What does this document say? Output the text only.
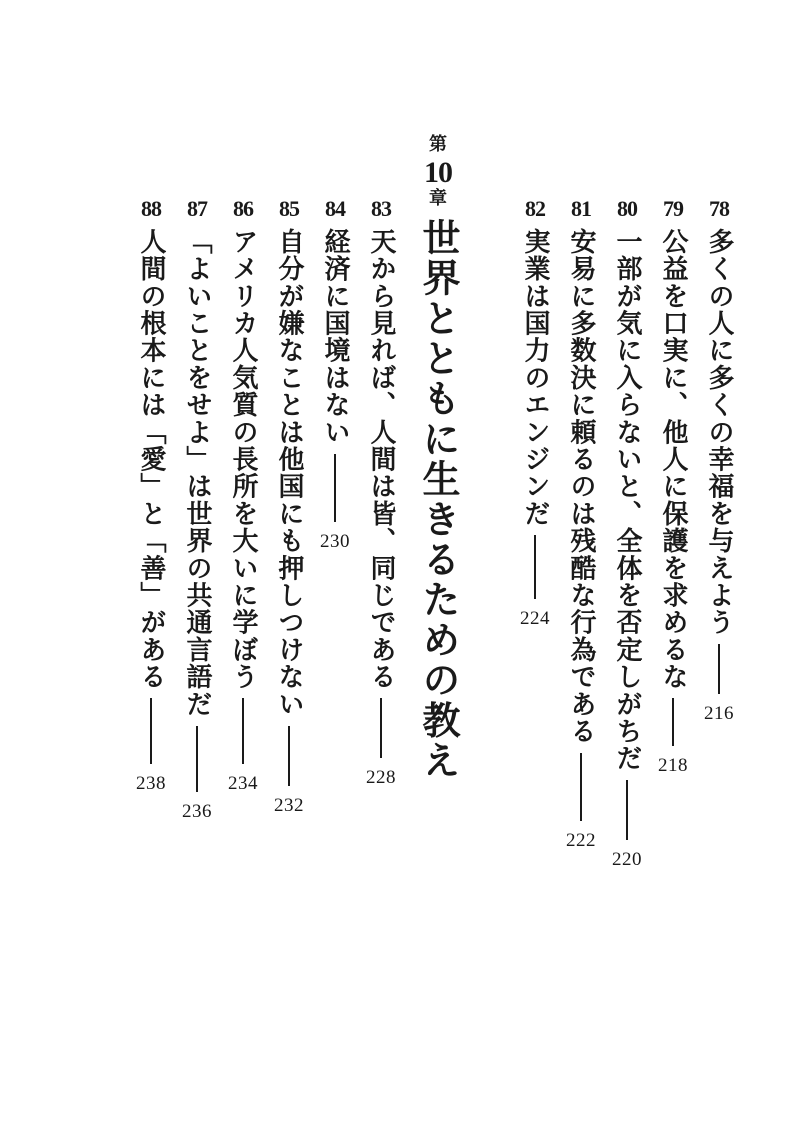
78
多くの人に多くの幸福を与えよう
216
79
公益を口実に、他人に保護を求めるな
218
80
一部が気に入らないと、全体を否定しがちだ
220
81
安易に多数決に頼るのは残酷な行為である
222
82
実業は国力のエンジンだ
224
第
10
章
世界とともに生きるための教え
83
天から見れば、人間は皆、同じである
228
84
経済に国境はない
230
85
自分が嫌なことは他国にも押しつけない
232
86
アメリカ人気質の長所を大いに学ぼう
234
87
「よいことをせよ」は世界の共通言語だ
236
88
人間の根本には「愛」と「善」がある
238
